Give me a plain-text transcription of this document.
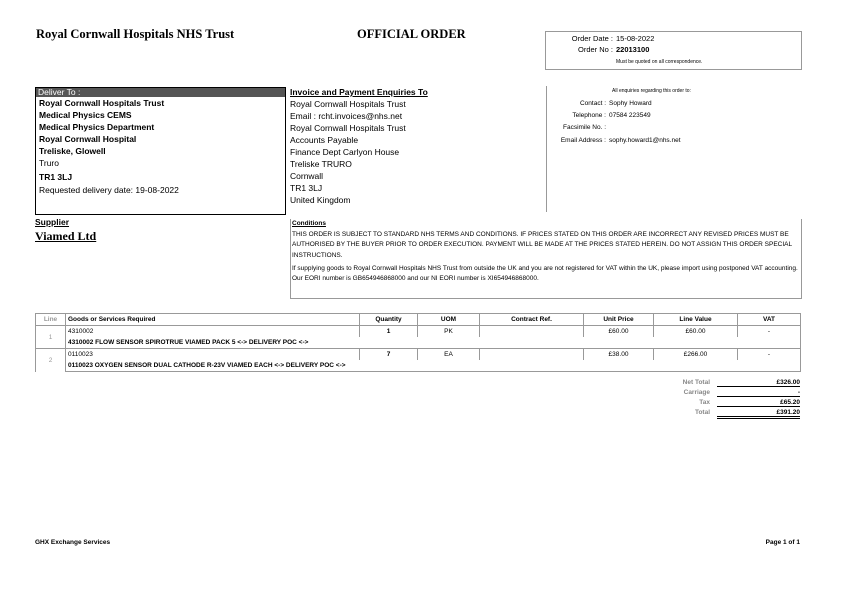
Royal Cornwall Hospitals NHS Trust	OFFICIAL ORDER	Order Date : 15-08-2022
Order No : 22013100
Must be quoted on all correspondence.
Deliver To :
Royal Cornwall Hospitals Trust
Medical Physics CEMS
Medical Physics Department
Royal Cornwall Hospital
Treliske, Glowell
Truro
TR1 3LJ
Requested delivery date: 19-08-2022
Invoice and Payment Enquiries To
Royal Cornwall Hospitals Trust
Email : rcht.invoices@nhs.net
Royal Cornwall Hospitals Trust
Accounts Payable
Finance Dept Carlyon House
Treliske TRURO
Cornwall
TR1 3LJ
United Kingdom
All enquiries regarding this order to:
Contact : Sophy Howard
Telephone : 07584 223549
Facsimile No. :
Email Address : sophy.howard1@nhs.net
Supplier
Viamed Ltd
Conditions

THIS ORDER IS SUBJECT TO STANDARD NHS TERMS AND CONDITIONS. IF PRICES STATED ON THIS ORDER ARE INCORRECT ANY REVISED PRICES MUST BE AUTHORISED BY THE BUYER PRIOR TO ORDER EXECUTION. PAYMENT WILL BE MADE AT THE PRICES STATED HEREIN. DO NOT ASSIGN THIS ORDER SPECIAL INSTRUCTIONS.

If supplying goods to Royal Cornwall Hospitals NHS Trust from outside the UK and you are not registered for VAT within the UK, please import using postponed VAT accounting. Our EORI number is GB654946868000 and our NI EORI number is XI654946868000.

Line	Goods or Services Required	Quantity	UOM	Contract Ref.	Unit Price	Line Value	VAT
1	4310002	1	PK		£60.00	£60.00	-
	4310002 FLOW SENSOR SPIROTRUE VIAMED PACK 5 <-> DELIVERY POC <->						
2	0110023	7	EA		£38.00	£266.00	-
	0110023 OXYGEN SENSOR DUAL CATHODE R-23V VIAMED EACH <-> DELIVERY POC <->						
Net Total	£326.00
Carriage	-
Tax	£65.20
Total	£391.20
GHX Exchange Services	Page 1 of 1
